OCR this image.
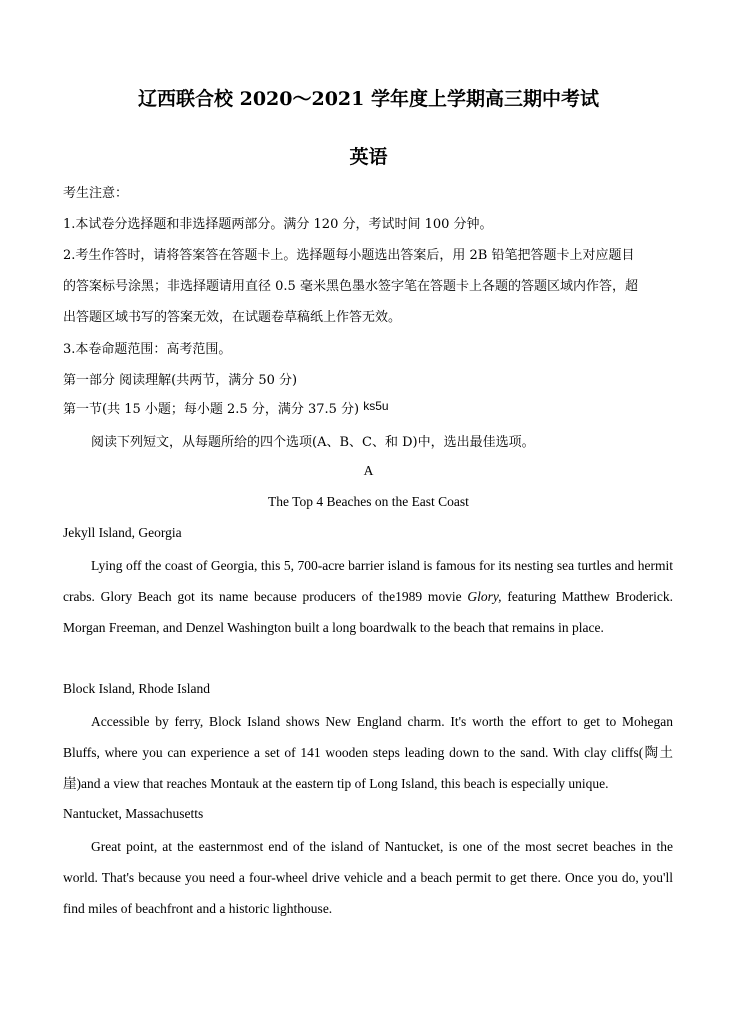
辽西联合校 2020～2021 学年度上学期高三期中考试
英语
考生注意：
1.本试卷分选择题和非选择题两部分。满分 120 分，考试时间 100 分钟。
2.考生作答时，请将答案答在答题卡上。选择题每小题选出答案后，用 2B 铅笔把答题卡上对应题目
的答案标号涂黑；非选择题请用直径 0.5 毫米黑色墨水签字笔在答题卡上各题的答题区域内作答，超
出答题区域书写的答案无效，在试题卷草稿纸上作答无效。
3.本卷命题范围：高考范围。
第一部分 阅读理解(共两节，满分 50 分)
第一节(共 15 小题；每小题 2.5 分，满分 37.5 分) ks5u
阅读下列短文，从每题所给的四个选项(A、B、C、和 D)中，选出最佳选项。
A
The Top 4 Beaches on the East Coast
Jekyll Island, Georgia
Lying off the coast of Georgia, this 5, 700-acre barrier island is famous for its nesting sea turtles and hermit crabs. Glory Beach got its name because producers of the1989 movie Glory, featuring Matthew Broderick. Morgan Freeman, and Denzel Washington built a long boardwalk to the beach that remains in place.
Block Island, Rhode Island
Accessible by ferry, Block Island shows New England charm. It's worth the effort to get to Mohegan Bluffs, where you can experience a set of 141 wooden steps leading down to the sand. With clay cliffs(陶土崖)and a view that reaches Montauk at the eastern tip of Long Island, this beach is especially unique.
Nantucket, Massachusetts
Great point, at the easternmost end of the island of Nantucket, is one of the most secret beaches in the world. That's because you need a four-wheel drive vehicle and a beach permit to get there. Once you do, you'll find miles of beachfront and a historic lighthouse.
